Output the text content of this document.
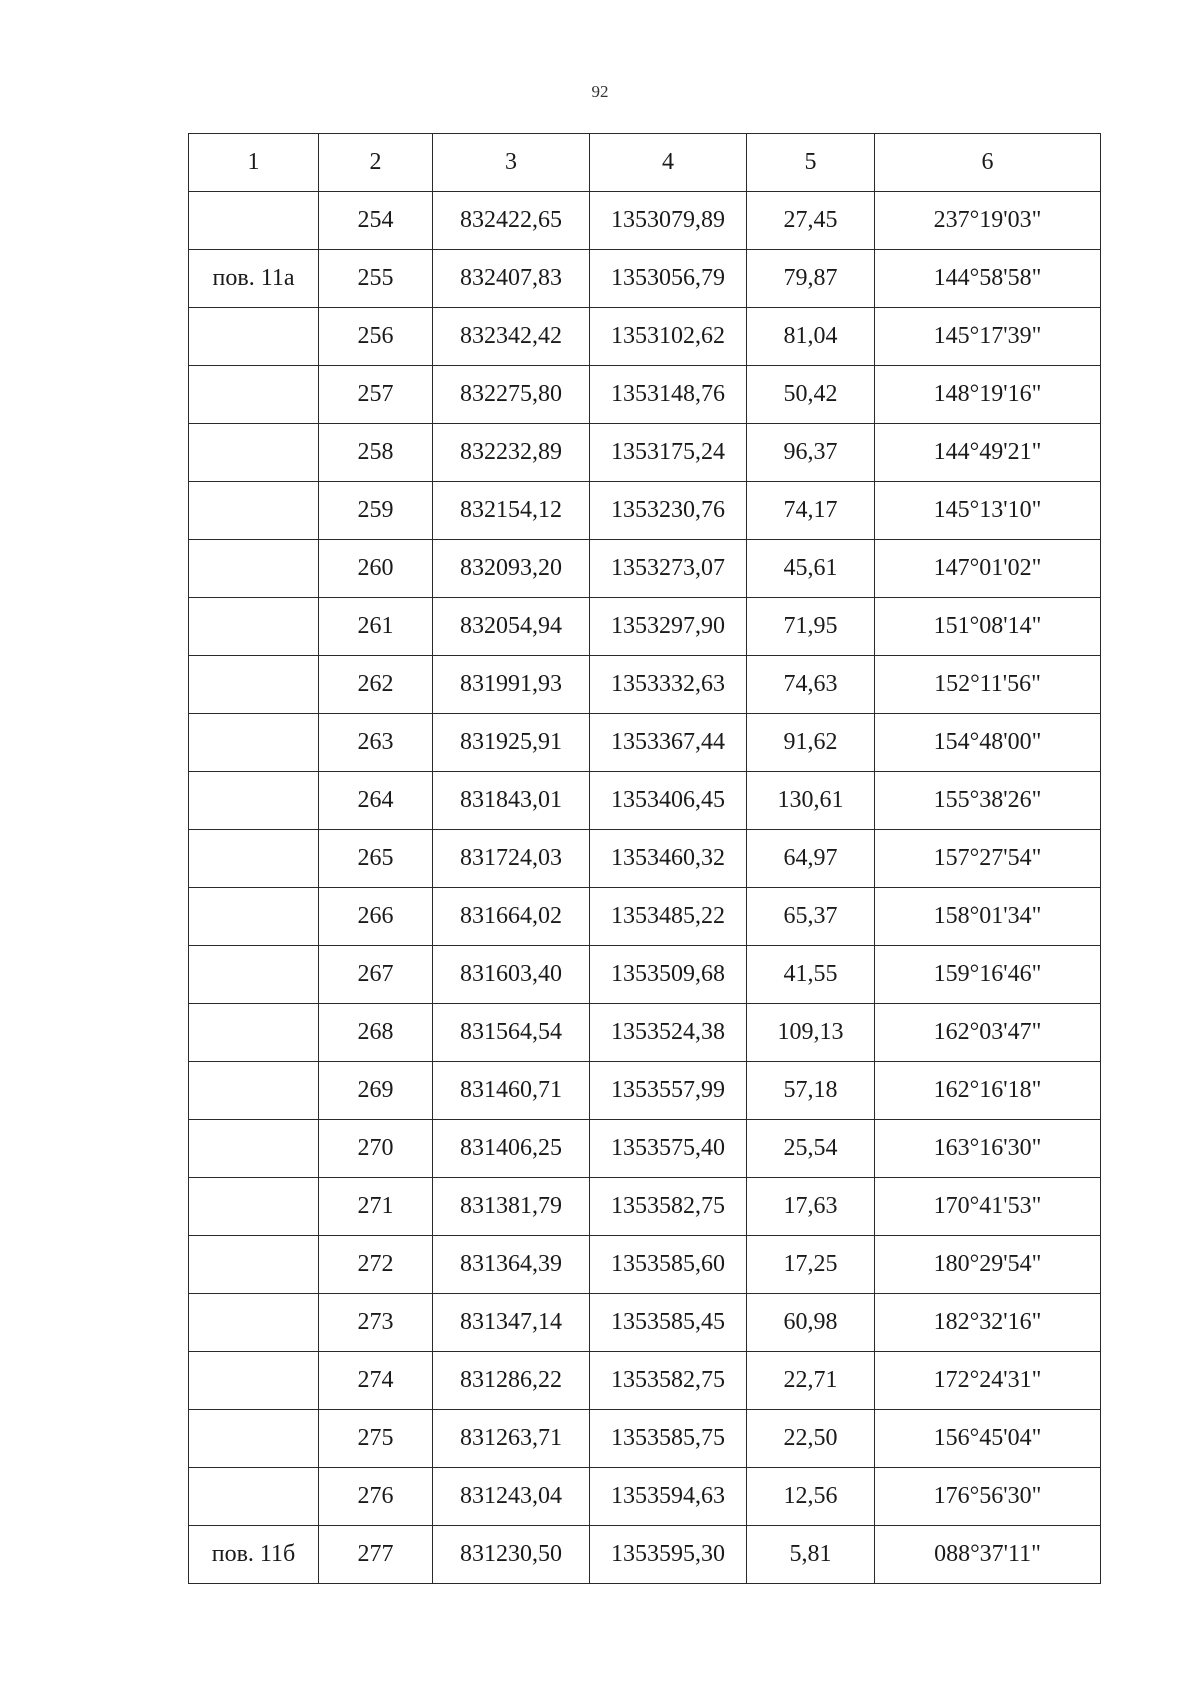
92
1	2	3	4	5	6
	254	832422,65	1353079,89	27,45	237°19'03"
пов. 11а	255	832407,83	1353056,79	79,87	144°58'58"
	256	832342,42	1353102,62	81,04	145°17'39"
	257	832275,80	1353148,76	50,42	148°19'16"
	258	832232,89	1353175,24	96,37	144°49'21"
	259	832154,12	1353230,76	74,17	145°13'10"
	260	832093,20	1353273,07	45,61	147°01'02"
	261	832054,94	1353297,90	71,95	151°08'14"
	262	831991,93	1353332,63	74,63	152°11'56"
	263	831925,91	1353367,44	91,62	154°48'00"
	264	831843,01	1353406,45	130,61	155°38'26"
	265	831724,03	1353460,32	64,97	157°27'54"
	266	831664,02	1353485,22	65,37	158°01'34"
	267	831603,40	1353509,68	41,55	159°16'46"
	268	831564,54	1353524,38	109,13	162°03'47"
	269	831460,71	1353557,99	57,18	162°16'18"
	270	831406,25	1353575,40	25,54	163°16'30"
	271	831381,79	1353582,75	17,63	170°41'53"
	272	831364,39	1353585,60	17,25	180°29'54"
	273	831347,14	1353585,45	60,98	182°32'16"
	274	831286,22	1353582,75	22,71	172°24'31"
	275	831263,71	1353585,75	22,50	156°45'04"
	276	831243,04	1353594,63	12,56	176°56'30"
пов. 11б	277	831230,50	1353595,30	5,81	088°37'11"
